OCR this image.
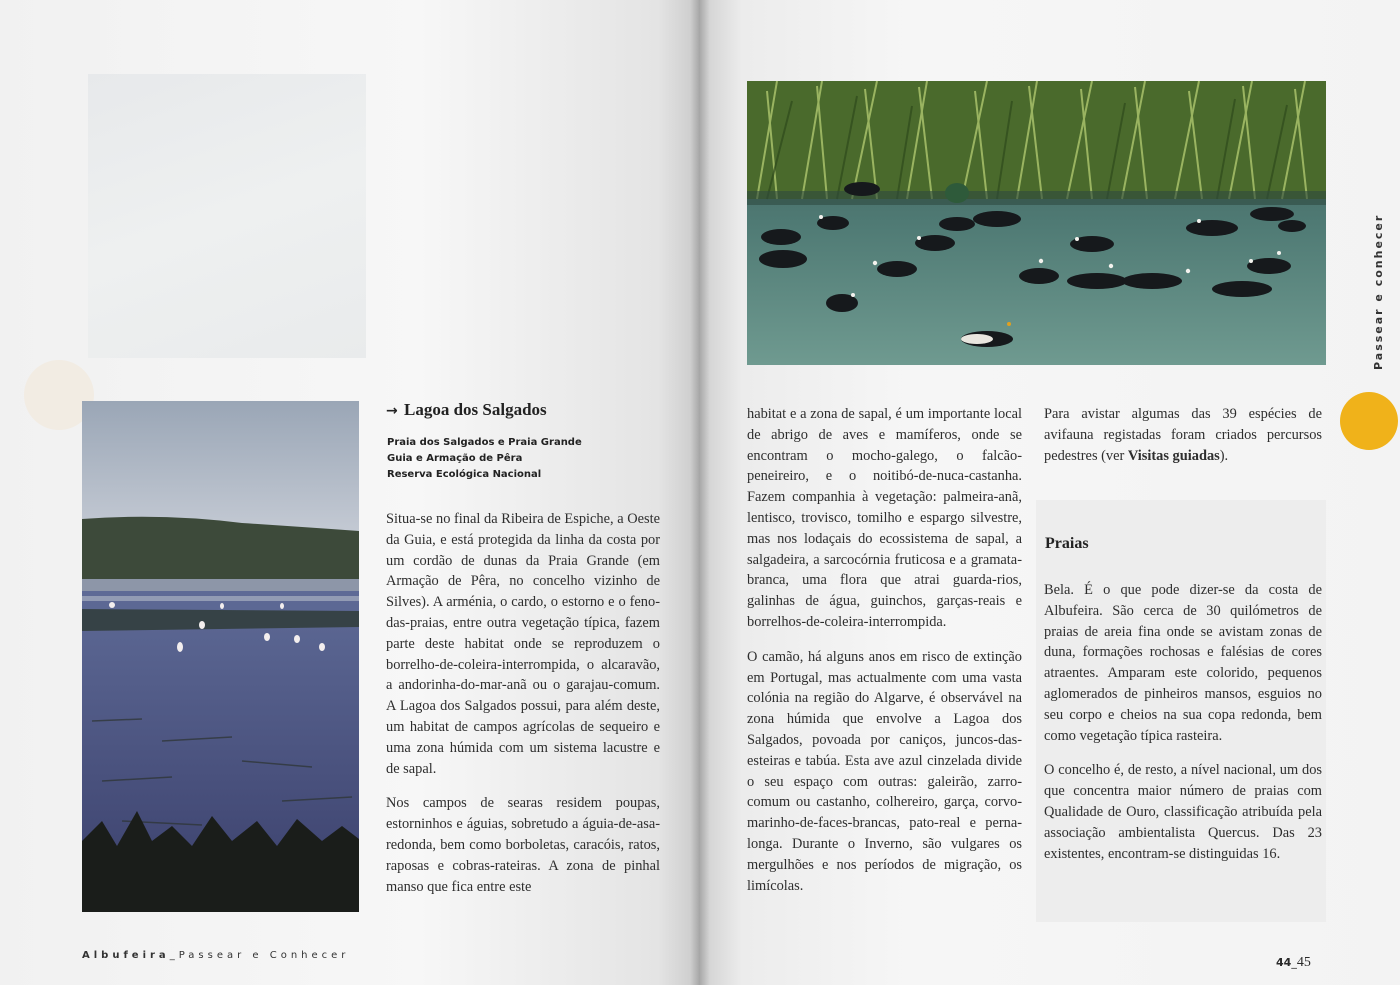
→ Lagoa dos Salgados
Praia dos Salgados e Praia Grande
Guia e Armação de Pêra
Reserva Ecológica Nacional

Situa-se no final da Ribeira de Espiche, a Oeste da Guia, e está protegida da linha da costa por um cordão de dunas da Praia Grande (em Armação de Pêra, no concelho vizinho de Silves). A arménia, o cardo, o estorno e o feno-das-praias, entre outra vegetação típica, fazem parte deste habitat onde se reproduzem o borrelho-de-coleira-interrompida, o alcaravão, a andorinha-do-mar-anã ou o garajau-comum. A Lagoa dos Salgados possui, para além deste, um habitat de campos agrícolas de sequeiro e uma zona húmida com um sistema lacustre e de sapal.

Nos campos de searas residem poupas, estorninhos e águias, sobretudo a águia-de-asa-redonda, bem como borboletas, caracóis, ratos, raposas e cobras-rateiras. A zona de pinhal manso que fica entre este

Albufeira_Passear e Conhecer

habitat e a zona de sapal, é um importante local de abrigo de aves e mamíferos, onde se encontram o mocho-galego, o falcão-peneireiro, e o noitibó-de-nuca-castanha. Fazem companhia à vegetação: palmeira-anã, lentisco, trovisco, tomilho e espargo silvestre, mas nos lodaçais do ecossistema de sapal, a salgadeira, a sarcocórnia fruticosa e a gramata-branca, uma flora que atrai guarda-rios, galinhas de água, guinchos, garças-reais e borrelhos-de-coleira-interrompida.

O camão, há alguns anos em risco de extinção em Portugal, mas actualmente com uma vasta colónia na região do Algarve, é observável na zona húmida que envolve a Lagoa dos Salgados, povoada por caniços, juncos-das-esteiras e tabúa. Esta ave azul cinzelada divide o seu espaço com outras: galeirão, zarro-comum ou castanho, colhereiro, garça, corvo-marinho-de-faces-brancas, pato-real e perna-longa. Durante o Inverno, são vulgares os mergulhões e nos períodos de migração, os limícolas.

Para avistar algumas das 39 espécies de avifauna registadas foram criados percursos pedestres (ver Visitas guiadas).

Praias

Bela. É o que pode dizer-se da costa de Albufeira. São cerca de 30 quilómetros de praias de areia fina onde se avistam zonas de duna, formações rochosas e falésias de cores atraentes. Amparam este colorido, pequenos aglomerados de pinheiros mansos, esguios no seu corpo e cheios na sua copa redonda, bem como vegetação típica rasteira.

O concelho é, de resto, a nível nacional, um dos que concentra maior número de praias com Qualidade de Ouro, classificação atribuída pela associação ambientalista Quercus. Das 23 existentes, encontram-se distinguidas 16.

Passear e conhecer
44_45
